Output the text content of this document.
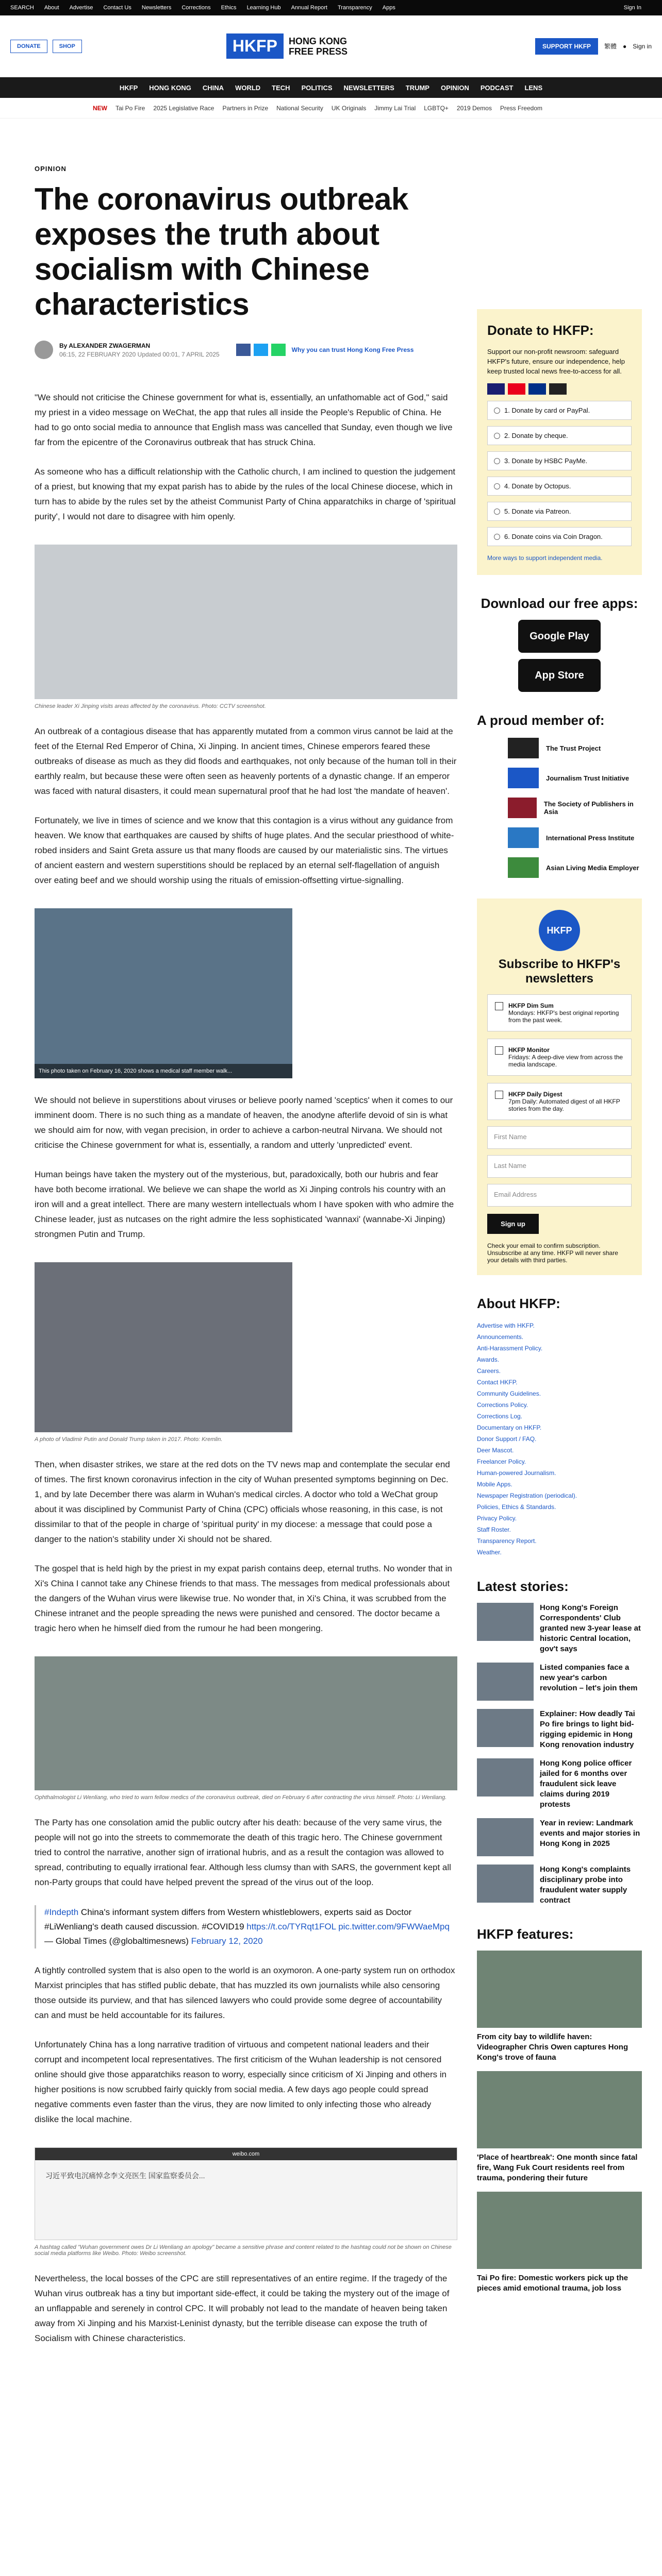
SEARCH About Advertise Contact Us Newsletters Corrections Ethics Learning Hub Annual Report Transparency Apps	Sign In
DONATE	SHOP	HKFP	HONG KONG
FREE PRESS	SUPPORT HKFP	繁體 ● Sign in
HKFP HONG KONG CHINA WORLD TECH POLITICS NEWSLETTERS TRUMP OPINION PODCAST LENS
NEW Tai Po Fire 2025 Legislative Race Partners in Prize National Security UK Originals Jimmy Lai Trial LGBTQ+ 2019 Demos Press Freedom
OPINION
The coronavirus outbreak exposes the truth about socialism with Chinese characteristics
By ALEXANDER ZWAGERMAN
06:15, 22 FEBRUARY 2020 Updated 00:01, 7 APRIL 2025
Why you can trust Hong Kong Free Press

"We should not criticise the Chinese government for what is, essentially, an unfathomable act of God," said my priest in a video message on WeChat, the app that rules all inside the People's Republic of China. He had to go onto social media to announce that English mass was cancelled that Sunday, even though we live far from the epicentre of the Coronavirus outbreak that has struck China.

As someone who has a difficult relationship with the Catholic church, I am inclined to question the judgement of a priest, but knowing that my expat parish has to abide by the rules of the local Chinese diocese, which in turn has to abide by the rules set by the atheist Communist Party of China apparatchiks in charge of 'spiritual purity', I would not dare to disagree with him openly.

Chinese leader Xi Jinping visits areas affected by the coronavirus. Photo: CCTV screenshot.

An outbreak of a contagious disease that has apparently mutated from a common virus cannot be laid at the feet of the Eternal Red Emperor of China, Xi Jinping. In ancient times, Chinese emperors feared these outbreaks of disease as much as they did floods and earthquakes, not only because of the human toll in their earthly realm, but because these were often seen as heavenly portents of a dynastic change. If an emperor was faced with natural disasters, it could mean supernatural proof that he had lost 'the mandate of heaven'.

Fortunately, we live in times of science and we know that this contagion is a virus without any guidance from heaven. We know that earthquakes are caused by shifts of huge plates. And the secular priesthood of white-robed insiders and Saint Greta assure us that many floods are caused by our materialistic sins. The virtues of ancient eastern and western superstitions should be replaced by an eternal self-flagellation of anguish over eating beef and we should worship using the rituals of emission-offsetting virtue-signalling.

This photo taken on February 16, 2020 shows a medical staff member walk...

We should not believe in superstitions about viruses or believe poorly named 'sceptics' when it comes to our imminent doom. There is no such thing as a mandate of heaven, the anodyne afterlife devoid of sin is what we should aim for now, with vegan precision, in order to achieve a carbon-neutral Nirvana. We should not criticise the Chinese government for what is, essentially, a random and utterly 'unpredicted' event.

Human beings have taken the mystery out of the mysterious, but, paradoxically, both our hubris and fear have both become irrational. We believe we can shape the world as Xi Jinping controls his country with an iron will and a great intellect. There are many western intellectuals whom I have spoken with who admire the Chinese leader, just as nutcases on the right admire the less sophisticated 'wannaxi' (wannabe-Xi Jinping) strongmen Putin and Trump.

A photo of Vladimir Putin and Donald Trump taken in 2017. Photo: Kremlin.

Then, when disaster strikes, we stare at the red dots on the TV news map and contemplate the secular end of times. The first known coronavirus infection in the city of Wuhan presented symptoms beginning on Dec. 1, and by late December there was alarm in Wuhan's medical circles. A doctor who told a WeChat group about it was disciplined by Communist Party of China (CPC) officials whose reasoning, in this case, is not dissimilar to that of the people in charge of 'spiritual purity' in my diocese: a message that could pose a danger to the nation's stability under Xi should not be shared.

The gospel that is held high by the priest in my expat parish contains deep, eternal truths. No wonder that in Xi's China I cannot take any Chinese friends to that mass. The messages from medical professionals about the dangers of the Wuhan virus were likewise true. No wonder that, in Xi's China, it was scrubbed from the Chinese intranet and the people spreading the news were punished and censored. The doctor became a tragic hero when he himself died from the rumour he had been mongering.

Ophthalmologist Li Wenliang, who tried to warn fellow medics of the coronavirus outbreak, died on February 6 after contracting the virus himself. Photo: Li Wenliang.

The Party has one consolation amid the public outcry after his death: because of the very same virus, the people will not go into the streets to commemorate the death of this tragic hero. The Chinese government tried to control the narrative, another sign of irrational hubris, and as a result the contagion was allowed to spread, contributing to equally irrational fear. Although less clumsy than with SARS, the government kept all non-Party groups that could have helped prevent the spread of the virus out of the loop.

#Indepth China's informant system differs from Western whistleblowers, experts said as Doctor #LiWenliang's death caused discussion. #COVID19 https://t.co/TYRqt1FOL pic.twitter.com/9FWWaeMpq
— Global Times (@globaltimesnews) February 12, 2020

A tightly controlled system that is also open to the world is an oxymoron. A one-party system run on orthodox Marxist principles that has stifled public debate, that has muzzled its own journalists while also censoring those outside its purview, and that has silenced lawyers who could provide some degree of accountability can and must be held accountable for its failures.

Unfortunately China has a long narrative tradition of virtuous and competent national leaders and their corrupt and incompetent local representatives. The first criticism of the Wuhan leadership is not censored online should give those apparatchiks reason to worry, especially since criticism of Xi Jinping and others in higher positions is now scrubbed fairly quickly from social media. A few days ago people could spread negative comments even faster than the virus, they are now limited to only infecting those who already dislike the local machine.

weibo.com
习近平致电沉痛悼念李文亮医生 国家监察委员会...
A hashtag called "Wuhan government owes Dr Li Wenliang an apology" became a sensitive phrase and content related to the hashtag could not be shown on Chinese social media platforms like Weibo. Photo: Weibo screenshot.

Nevertheless, the local bosses of the CPC are still representatives of an entire regime. If the tragedy of the Wuhan virus outbreak has a tiny but important side-effect, it could be taking the mystery out of the image of an unflappable and serenely in control CPC. It will probably not lead to the mandate of heaven being taken away from Xi Jinping and his Marxist-Leninist dynasty, but the terrible disease can expose the truth of Socialism with Chinese characteristics.

Donate to HKFP:
Support our non-profit newsroom: safeguard HKFP's future, ensure our independence, help keep trusted local news free-to-access for all.
1. Donate by card or PayPal.
2. Donate by cheque.
3. Donate by HSBC PayMe.
4. Donate by Octopus.
5. Donate via Patreon.
6. Donate coins via Coin Dragon.
More ways to support independent media.
Download our free apps:
Google Play
App Store
A proud member of:
The Trust Project
Journalism Trust Initiative
The Society of Publishers in Asia
International Press Institute
Asian Living Media Employer
HKFP
Subscribe to HKFP's newsletters
HKFP Dim Sum
Mondays: HKFP's best original reporting from the past week.
HKFP Monitor
Fridays: A deep-dive view from across the media landscape.
HKFP Daily Digest
7pm Daily: Automated digest of all HKFP stories from the day.
First Name
Last Name
Email Address
Sign up
Check your email to confirm subscription. Unsubscribe at any time. HKFP will never share your details with third parties.
About HKFP:
Advertise with HKFP.
Announcements.
Anti-Harassment Policy.
Awards.
Careers.
Contact HKFP.
Community Guidelines.
Corrections Policy.
Corrections Log.
Documentary on HKFP.
Donor Support / FAQ.
Deer Mascot.
Freelancer Policy.
Human-powered Journalism.
Mobile Apps.
Newspaper Registration (periodical).
Policies, Ethics & Standards.
Privacy Policy.
Staff Roster.
Transparency Report.
Weather.
Latest stories:
Hong Kong's Foreign Correspondents' Club granted new 3-year lease at historic Central location, gov't says
Listed companies face a new year's carbon revolution – let's join them
Explainer: How deadly Tai Po fire brings to light bid-rigging epidemic in Hong Kong renovation industry
Hong Kong police officer jailed for 6 months over fraudulent sick leave claims during 2019 protests
Year in review: Landmark events and major stories in Hong Kong in 2025
Hong Kong's complaints disciplinary probe into fraudulent water supply contract
HKFP features:
From city bay to wildlife haven: Videographer Chris Owen captures Hong Kong's trove of fauna
'Place of heartbreak': One month since fatal fire, Wang Fuk Court residents reel from trauma, pondering their future
Tai Po fire: Domestic workers pick up the pieces amid emotional trauma, job loss
